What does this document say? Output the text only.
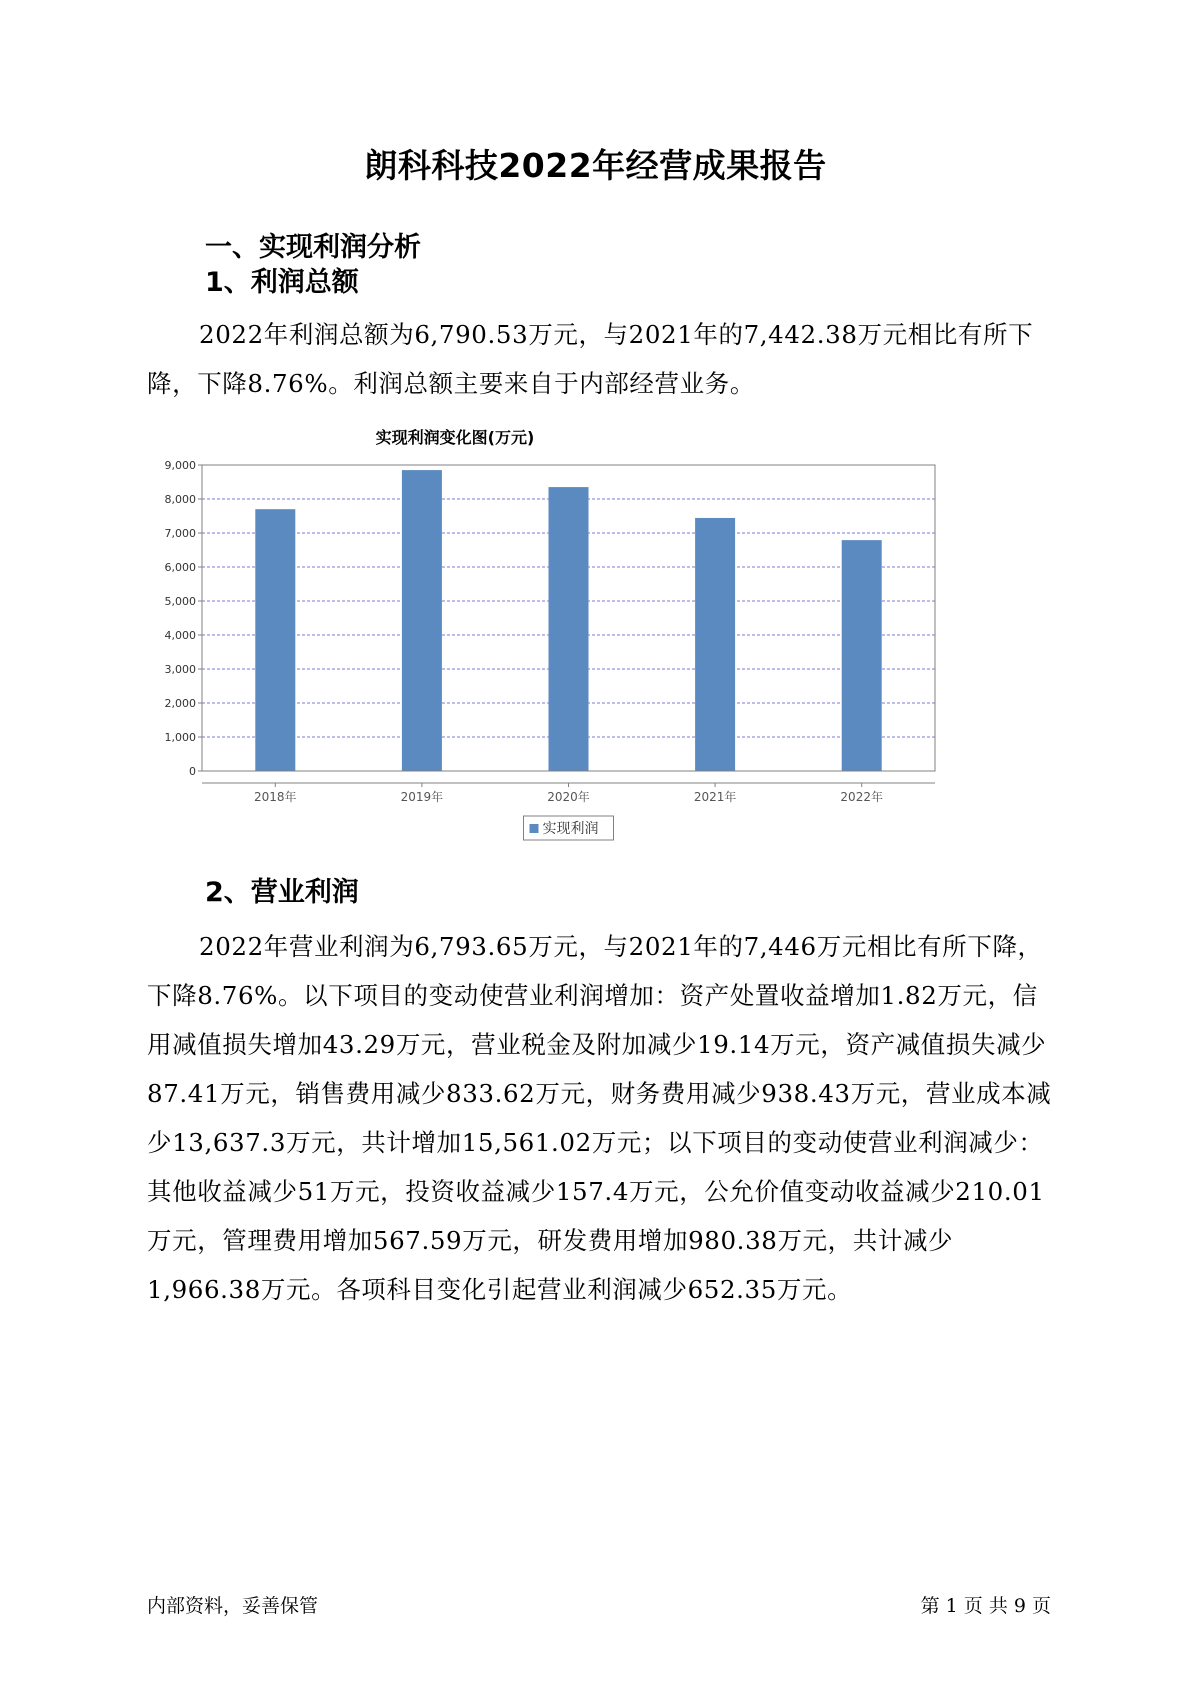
朗科科技2022年经营成果报告
一、实现利润分析
1、利润总额
2022年利润总额为6,790.53万元，与2021年的7,442.38万元相比有所下降，下降8.76%。利润总额主要来自于内部经营业务。
实现利润变化图(万元)
0
1,000
2,000
3,000
4,000
5,000
6,000
7,000
8,000
9,000
2018年	2019年	2020年	2021年	2022年
实现利润
2、营业利润
2022年营业利润为6,793.65万元，与2021年的7,446万元相比有所下降，下降8.76%。以下项目的变动使营业利润增加：资产处置收益增加1.82万元，信用减值损失增加43.29万元，营业税金及附加减少19.14万元，资产减值损失减少87.41万元，销售费用减少833.62万元，财务费用减少938.43万元，营业成本减少13,637.3万元，共计增加15,561.02万元；以下项目的变动使营业利润减少：其他收益减少51万元，投资收益减少157.4万元，公允价值变动收益减少210.01万元，管理费用增加567.59万元，研发费用增加980.38万元，共计减少1,966.38万元。各项科目变化引起营业利润减少652.35万元。
内部资料，妥善保管	第 1 页 共 9 页
